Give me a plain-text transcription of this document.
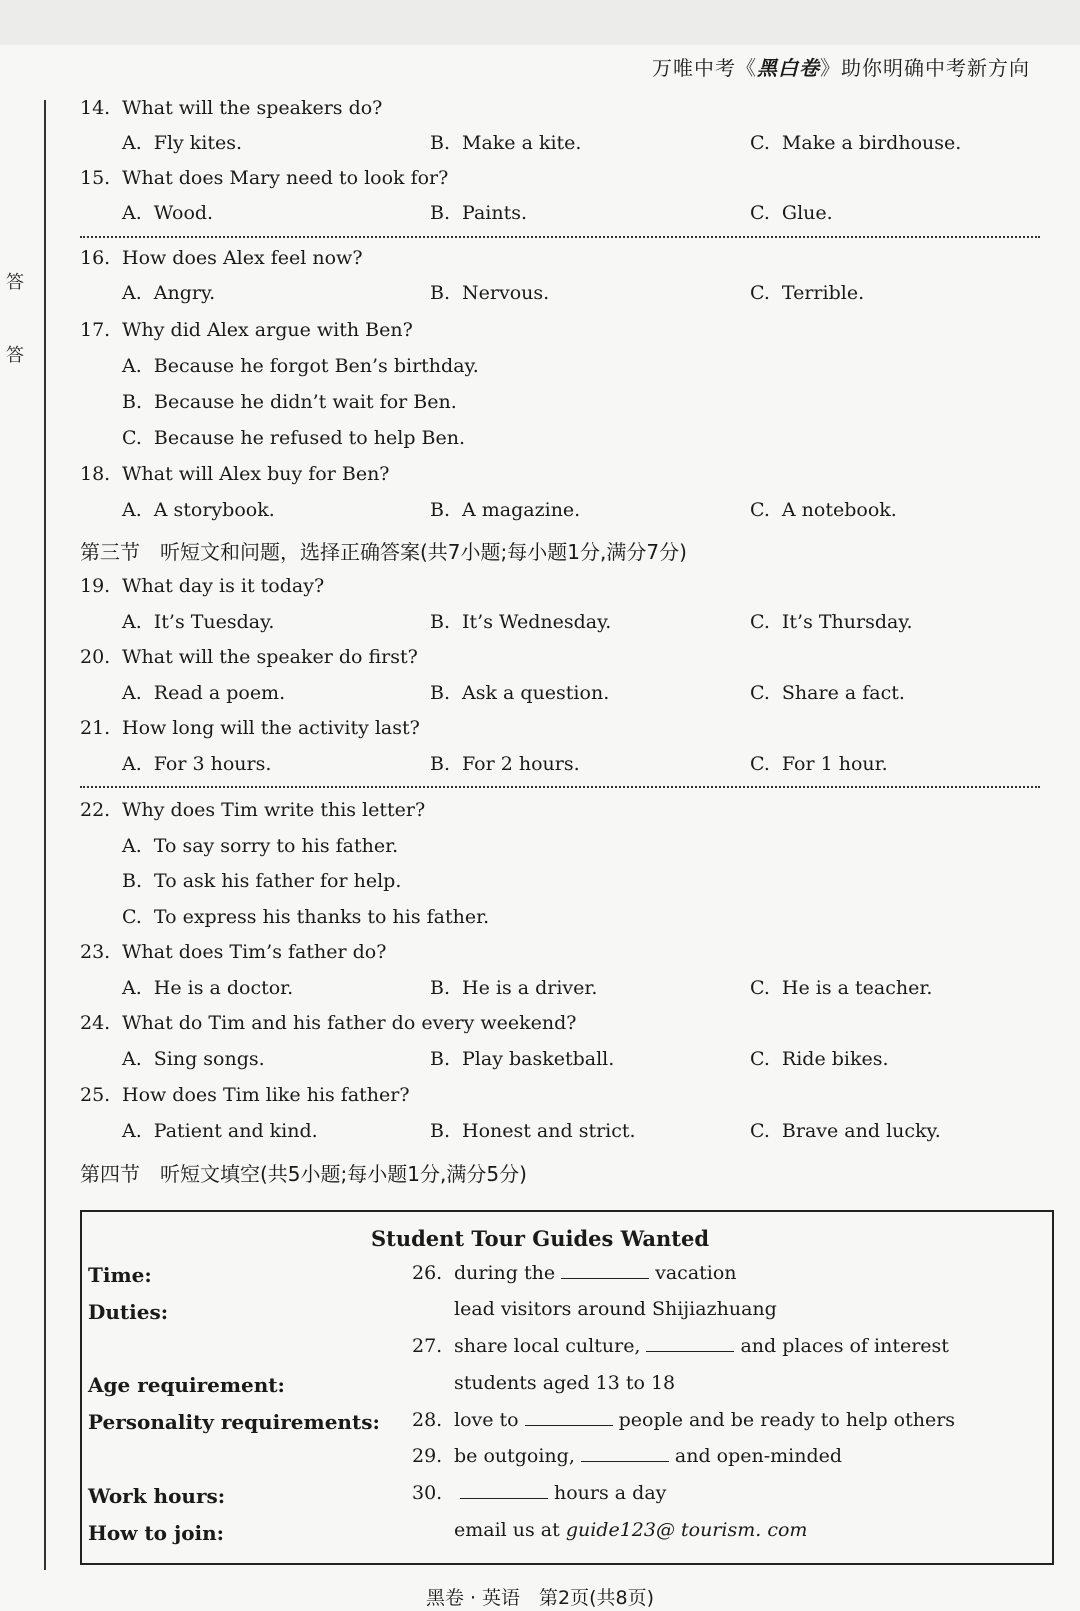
万唯中考《黑白卷》助你明确中考新方向
答
答
14. What will the speakers do?
A. Fly kites.	B. Make a kite.	C. Make a birdhouse.
15. What does Mary need to look for?
A. Wood.	B. Paints.	C. Glue.
16. How does Alex feel now?
A. Angry.	B. Nervous.	C. Terrible.
17. Why did Alex argue with Ben?
A. Because he forgot Ben’s birthday.
B. Because he didn’t wait for Ben.
C. Because he refused to help Ben.
18. What will Alex buy for Ben?
A. A storybook.	B. A magazine.	C. A notebook.
第三节　听短文和问题，选择正确答案(共7小题;每小题1分,满分7分)
19. What day is it today?
A. It’s Tuesday.	B. It’s Wednesday.	C. It’s Thursday.
20. What will the speaker do first?
A. Read a poem.	B. Ask a question.	C. Share a fact.
21. How long will the activity last?
A. For 3 hours.	B. For 2 hours.	C. For 1 hour.
22. Why does Tim write this letter?
A. To say sorry to his father.
B. To ask his father for help.
C. To express his thanks to his father.
23. What does Tim’s father do?
A. He is a doctor.	B. He is a driver.	C. He is a teacher.
24. What do Tim and his father do every weekend?
A. Sing songs.	B. Play basketball.	C. Ride bikes.
25. How does Tim like his father?
A. Patient and kind.	B. Honest and strict.	C. Brave and lucky.
第四节　听短文填空(共5小题;每小题1分,满分5分)
Student Tour Guides Wanted
Time:	26. during the	vacation
Duties:	lead visitors around Shijiazhuang
27. share local culture,	and places of interest
Age requirement:	students aged 13 to 18
Personality requirements: 28. love to	people and be ready to help others
29. be outgoing,	and open-minded
Work hours:	30.	hours a day
How to join:	email us at guide123@ tourism. com
黑卷 · 英语　第2页(共8页)
